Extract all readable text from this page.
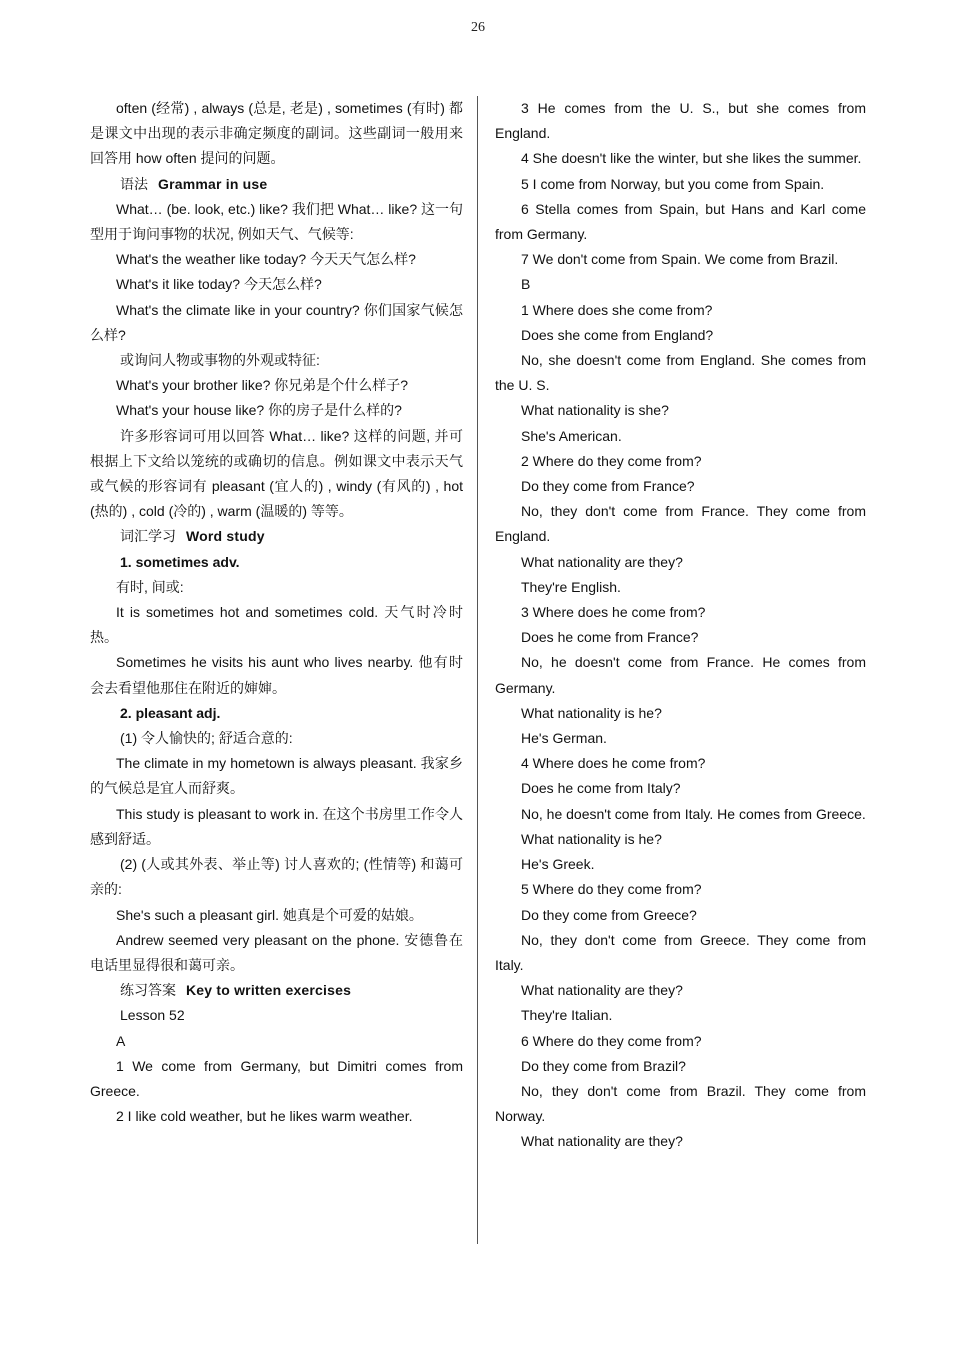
26

often (经常) , always (总是, 老是) , sometimes (有时) 都是课文中出现的表示非确定频度的副词。这些副词一般用来回答用 how often 提问的问题。

语法 Grammar in use

What… (be. look, etc.) like? 我们把 What… like? 这一句型用于询问事物的状况, 例如天气、气候等:

What's the weather like today? 今天天气怎么样?

What's it like today? 今天怎么样?

What's the climate like in your country? 你们国家气候怎么样?

或询问人物或事物的外观或特征:

What's your brother like? 你兄弟是个什么样子?

What's your house like? 你的房子是什么样的?

许多形容词可用以回答 What… like? 这样的问题, 并可根据上下文给以笼统的或确切的信息。例如课文中表示天气或气候的形容词有 pleasant (宜人的) , windy (有风的) , hot (热的) , cold (冷的) , warm (温暖的) 等等。

词汇学习 Word study

1. sometimes adv.

有时, 间或:

It is sometimes hot and sometimes cold. 天气时冷时热。

Sometimes he visits his aunt who lives nearby. 他有时会去看望他那住在附近的婶婶。

2. pleasant adj.

(1) 令人愉快的; 舒适合意的:

The climate in my hometown is always pleasant. 我家乡的气候总是宜人而舒爽。

This study is pleasant to work in. 在这个书房里工作令人感到舒适。

(2) (人或其外表、举止等) 讨人喜欢的; (性情等) 和蔼可亲的:

She's such a pleasant girl. 她真是个可爱的姑娘。

Andrew seemed very pleasant on the phone. 安德鲁在电话里显得很和蔼可亲。

练习答案 Key to written exercises

Lesson 52

A

1 We come from Germany, but Dimitri comes from Greece.

2 I like cold weather, but he likes warm weather.

3 He comes from the U. S., but she comes from England.

4 She doesn't like the winter, but she likes the summer.

5 I come from Norway, but you come from Spain.

6 Stella comes from Spain, but Hans and Karl come from Germany.

7 We don't come from Spain. We come from Brazil.

B

1 Where does she come from?

Does she come from England?

No, she doesn't come from England. She comes from the U. S.

What nationality is she?

She's American.

2 Where do they come from?

Do they come from France?

No, they don't come from France. They come from England.

What nationality are they?

They're English.

3 Where does he come from?

Does he come from France?

No, he doesn't come from France. He comes from Germany.

What nationality is he?

He's German.

4 Where does he come from?

Does he come from Italy?

No, he doesn't come from Italy. He comes from Greece.

What nationality is he?

He's Greek.

5 Where do they come from?

Do they come from Greece?

No, they don't come from Greece. They come from Italy.

What nationality are they?

They're Italian.

6 Where do they come from?

Do they come from Brazil?

No, they don't come from Brazil. They come from Norway.

What nationality are they?
